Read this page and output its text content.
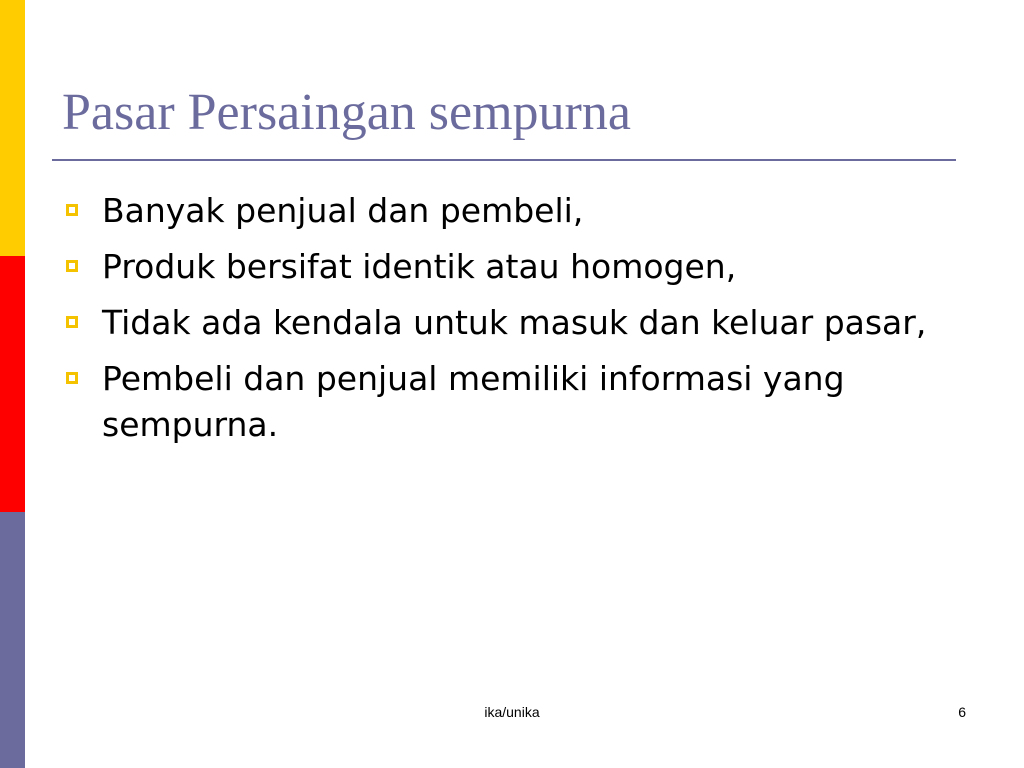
Pasar Persaingan sempurna
Banyak penjual dan pembeli,
Produk bersifat identik atau homogen,
Tidak ada kendala untuk masuk dan keluar pasar,
Pembeli dan penjual memiliki informasi yang sempurna.
ika/unika	6
